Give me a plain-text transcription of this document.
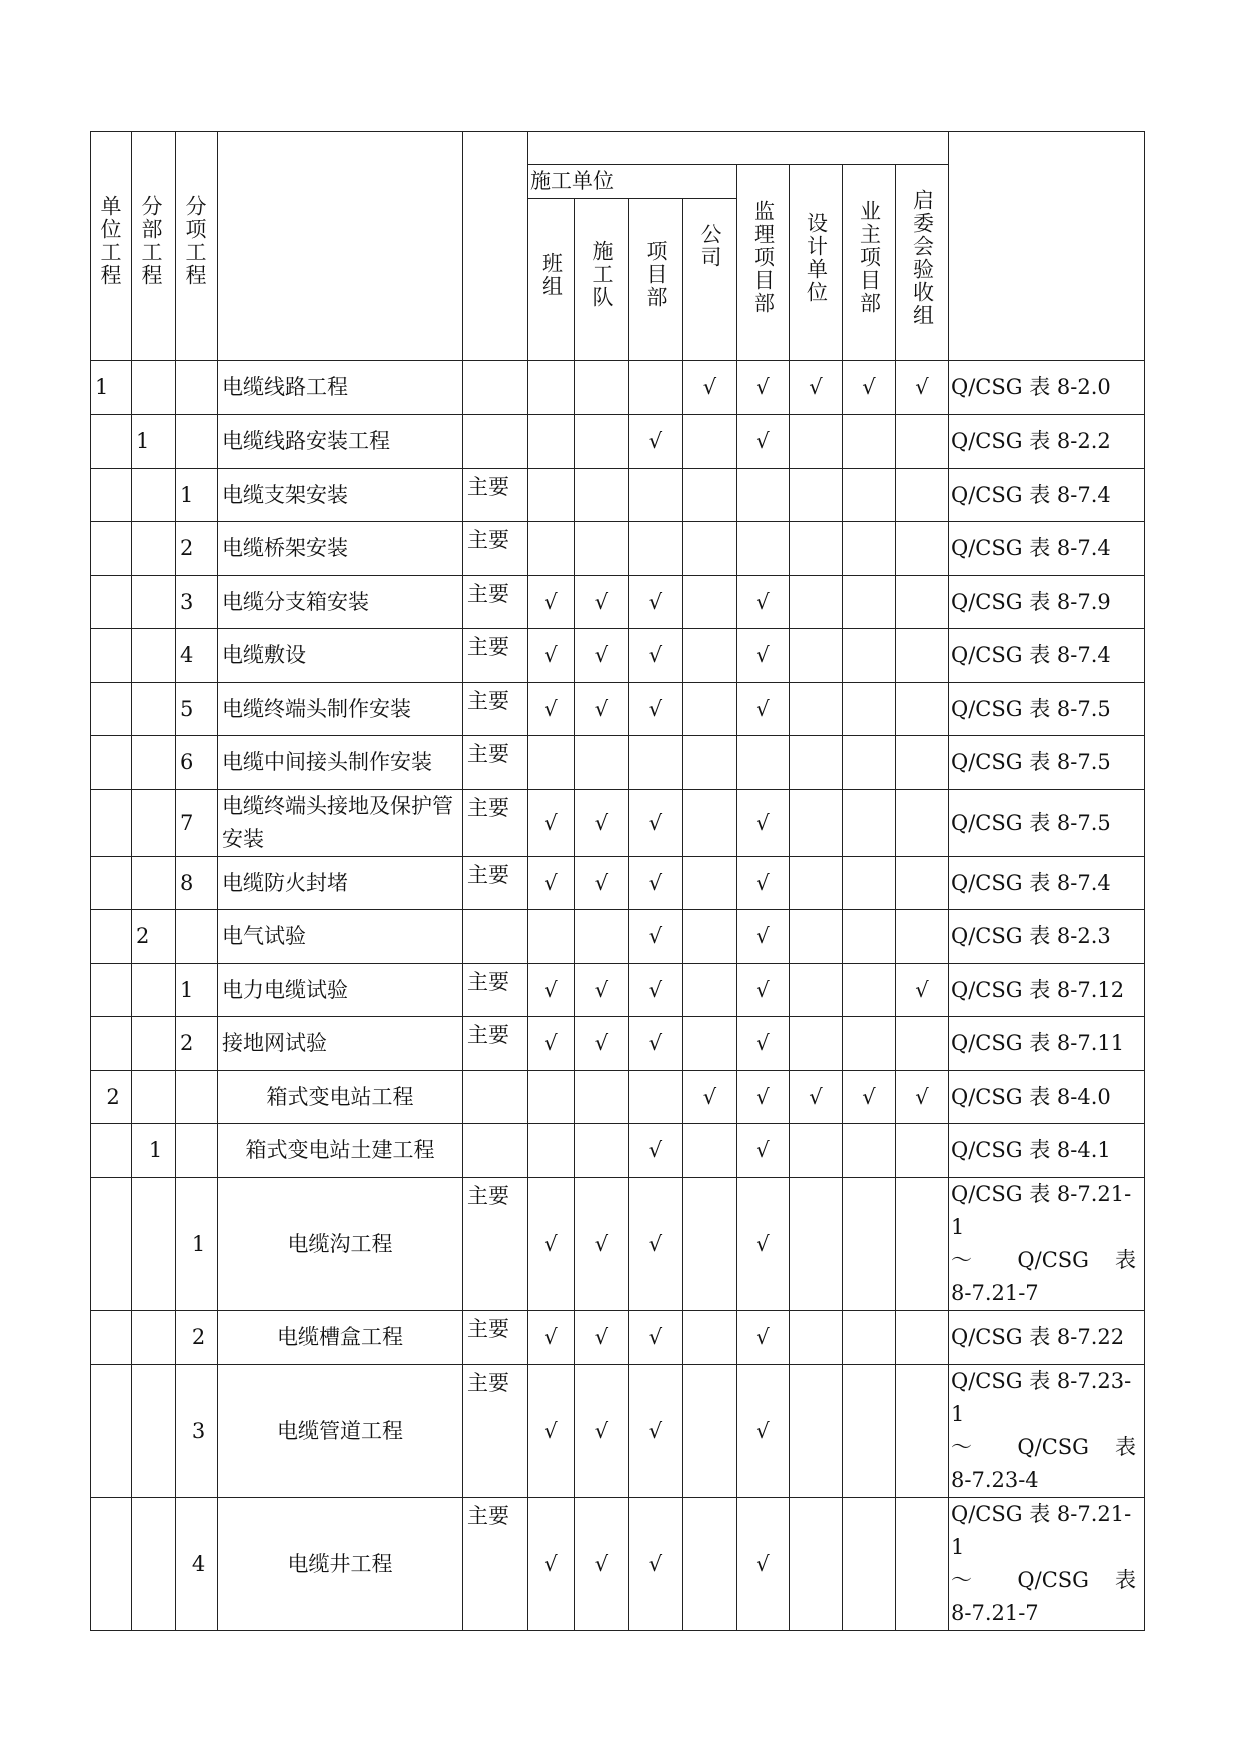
单位工程	分部工程	分项工程											
					施工单位				监理项目部	设计单位	业主项目部	启委会验收组	
					班组	施工队	项目部	公司					
1			电缆线路工程					√	√	√	√	√	Q/CSG 表 8-2.0

	1		电缆线路安装工程				√		√				Q/CSG 表 8-2.2

		1	电缆支架安装	主要									Q/CSG 表 8-7.4

		2	电缆桥架安装	主要									Q/CSG 表 8-7.4

		3	电缆分支箱安装	主要	√	√	√		√				Q/CSG 表 8-7.9

		4	电缆敷设	主要	√	√	√		√				Q/CSG 表 8-7.4

		5	电缆终端头制作安装	主要	√	√	√		√				Q/CSG 表 8-7.5

		6	电缆中间接头制作安装	主要									Q/CSG 表 8-7.5

		7	电缆终端头接地及保护管安装	主要	√	√	√		√				Q/CSG 表 8-7.5

		8	电缆防火封堵	主要	√	√	√		√				Q/CSG 表 8-7.4

	2		电气试验				√		√				Q/CSG 表 8-2.3

		1	电力电缆试验	主要	√	√	√		√			√	Q/CSG 表 8-7.12

		2	接地网试验	主要	√	√	√		√				Q/CSG 表 8-7.11

2			箱式变电站工程					√	√	√	√	√	Q/CSG 表 8-4.0

	1		箱式变电站土建工程				√		√				Q/CSG 表 8-4.1

		1	电缆沟工程	主要	√	√	√		√				Q/CSG 表 8-7.21-1
～ Q/CSG 表
8-7.21-7

		2	电缆槽盒工程	主要	√	√	√		√				Q/CSG 表 8-7.22

		3	电缆管道工程	主要	√	√	√		√				Q/CSG 表 8-7.23-1
～ Q/CSG 表
8-7.23-4

		4	电缆井工程	主要	√	√	√		√				Q/CSG 表 8-7.21-1
～ Q/CSG 表
8-7.21-7
